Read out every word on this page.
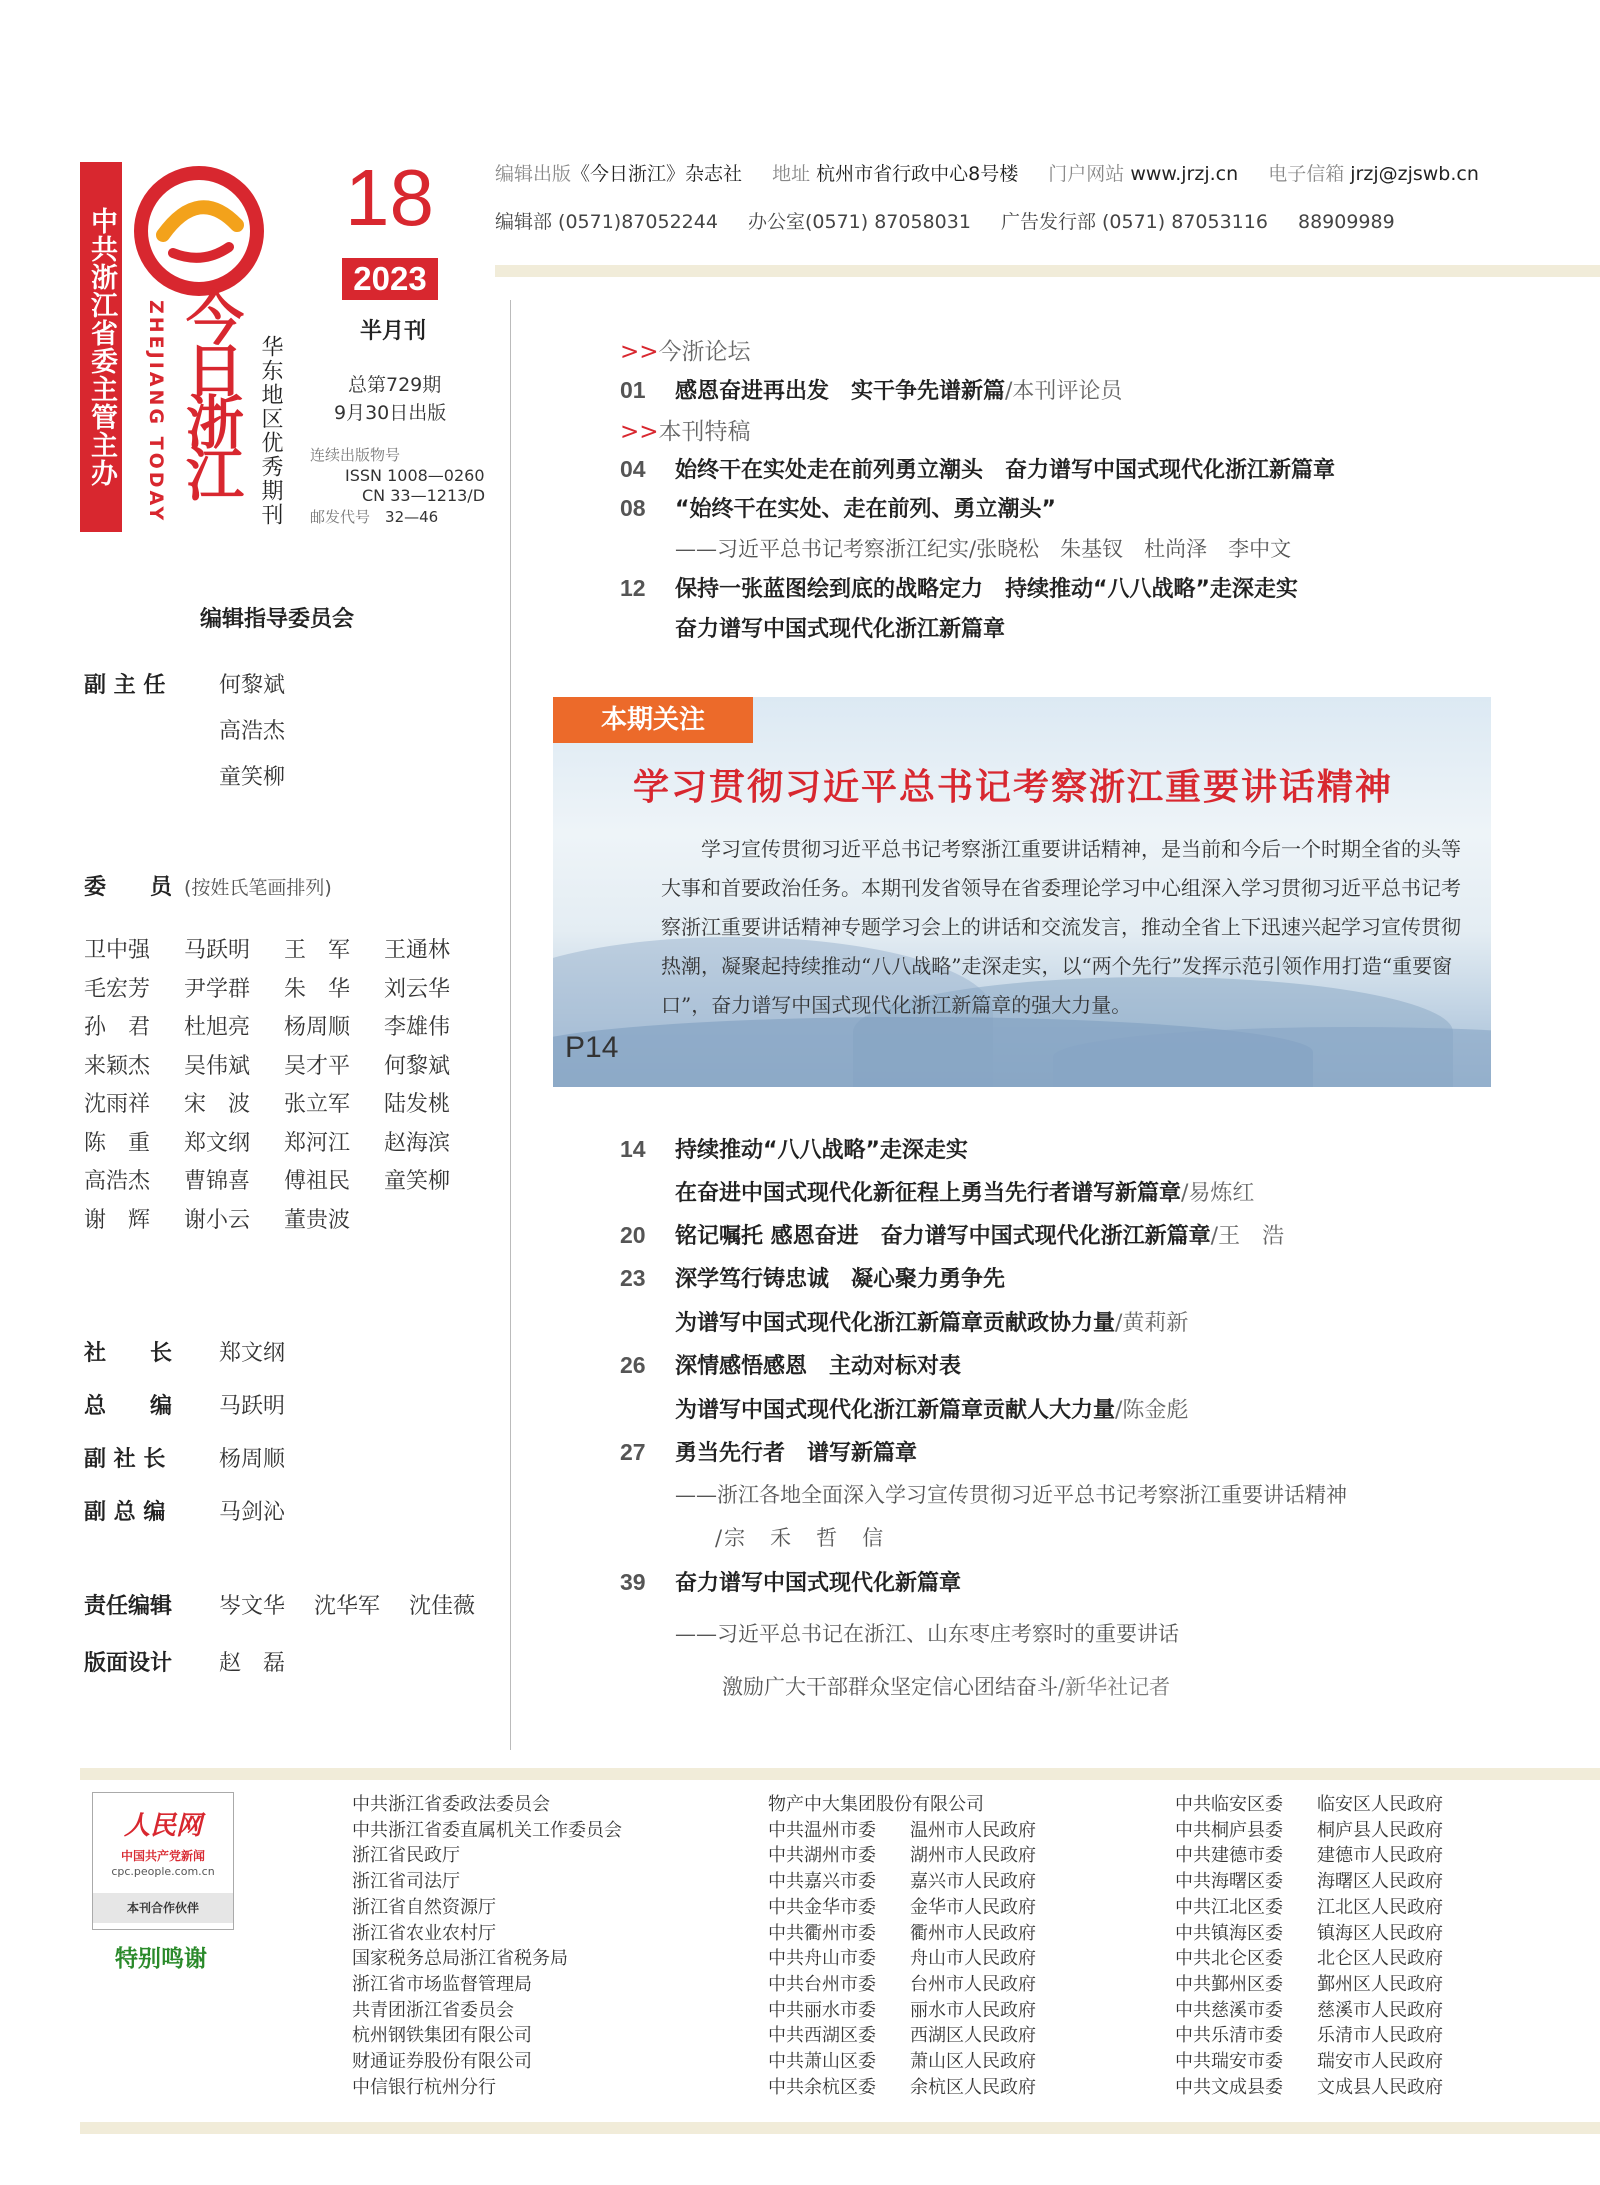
中共浙江省委主管主办 今日浙江
ZHEJIANG TODAY	华东地区优秀期刊
18
2023
半月刊
总第729期
9月30日出版
连续出版物号
ISSN 1008—0260
CN 33—1213/D
邮发代号　 32—46
编辑出版《今日浙江》杂志社 地址 杭州市省行政中心8号楼 门户网站 www.jrzj.cn 电子信箱 jrzj@zjswb.cn
编辑部 (0571)87052244 办公室(0571) 87058031 广告发行部 (0571) 87053116 88909989
编辑指导委员会
副 主 任 何黎斌
高浩杰
童笑柳
委　　员 (按姓氏笔画排列)
卫中强 马跃明 王　军 王通林
毛宏芳 尹学群 朱　华 刘云华
孙　君 杜旭亮 杨周顺 李雄伟
来颖杰 吴伟斌 吴才平 何黎斌
沈雨祥 宋　波 张立军 陆发桃
陈　重 郑文纲 郑河江 赵海滨
高浩杰 曹锦喜 傅祖民 童笑柳
谢　辉 谢小云 董贵波
社　　长 郑文纲
总　　编 马跃明
副 社 长 杨周顺
副 总 编 马剑沁
责任编辑 岑文华　 沈华军　 沈佳薇
版面设计 赵　磊
>>今浙论坛
01 感恩奋进再出发　实干争先谱新篇/本刊评论员
>>本刊特稿
04 始终干在实处走在前列勇立潮头　奋力谱写中国式现代化浙江新篇章
08 “始终干在实处、走在前列、勇立潮头”
——习近平总书记考察浙江纪实/张晓松　朱基钗　杜尚泽　李中文
12 保持一张蓝图绘到底的战略定力　持续推动“八八战略”走深走实
奋力谱写中国式现代化浙江新篇章
本期关注
学习贯彻习近平总书记考察浙江重要讲话精神
学习宣传贯彻习近平总书记考察浙江重要讲话精神，是当前和今后一个时期全省的头等大事和首要政治任务。本期刊发省领导在省委理论学习中心组深入学习贯彻习近平总书记考察浙江重要讲话精神专题学习会上的讲话和交流发言，推动全省上下迅速兴起学习宣传贯彻热潮，凝聚起持续推动“八八战略”走深走实，以“两个先行”发挥示范引领作用打造“重要窗口”，奋力谱写中国式现代化浙江新篇章的强大力量。
P14
14 持续推动“八八战略”走深走实
在奋进中国式现代化新征程上勇当先行者谱写新篇章/易炼红
20 铭记嘱托 感恩奋进　奋力谱写中国式现代化浙江新篇章/王　浩
23 深学笃行铸忠诚　凝心聚力勇争先
为谱写中国式现代化浙江新篇章贡献政协力量/黄莉新
26 深情感悟感恩　主动对标对表
为谱写中国式现代化浙江新篇章贡献人大力量/陈金彪
27 勇当先行者　谱写新篇章
——浙江各地全面深入学习宣传贯彻习近平总书记考察浙江重要讲话精神
/宗　禾　哲　信
39 奋力谱写中国式现代化新篇章
——习近平总书记在浙江、山东枣庄考察时的重要讲话
激励广大干部群众坚定信心团结奋斗/新华社记者
人民网
中国共产党新闻
cpc.people.com.cn
本刊合作伙伴
特别鸣谢
中共浙江省委政法委员会
中共浙江省委直属机关工作委员会
浙江省民政厅
浙江省司法厅
浙江省自然资源厅
浙江省农业农村厅
国家税务总局浙江省税务局
浙江省市场监督管理局
共青团浙江省委员会
杭州钢铁集团有限公司
财通证券股份有限公司
中信银行杭州分行
物产中大集团股份有限公司
中共温州市委 温州市人民政府
中共湖州市委 湖州市人民政府
中共嘉兴市委 嘉兴市人民政府
中共金华市委 金华市人民政府
中共衢州市委 衢州市人民政府
中共舟山市委 舟山市人民政府
中共台州市委 台州市人民政府
中共丽水市委 丽水市人民政府
中共西湖区委 西湖区人民政府
中共萧山区委 萧山区人民政府
中共余杭区委 余杭区人民政府
中共临安区委 临安区人民政府
中共桐庐县委 桐庐县人民政府
中共建德市委 建德市人民政府
中共海曙区委 海曙区人民政府
中共江北区委 江北区人民政府
中共镇海区委 镇海区人民政府
中共北仑区委 北仑区人民政府
中共鄞州区委 鄞州区人民政府
中共慈溪市委 慈溪市人民政府
中共乐清市委 乐清市人民政府
中共瑞安市委 瑞安市人民政府
中共文成县委 文成县人民政府
